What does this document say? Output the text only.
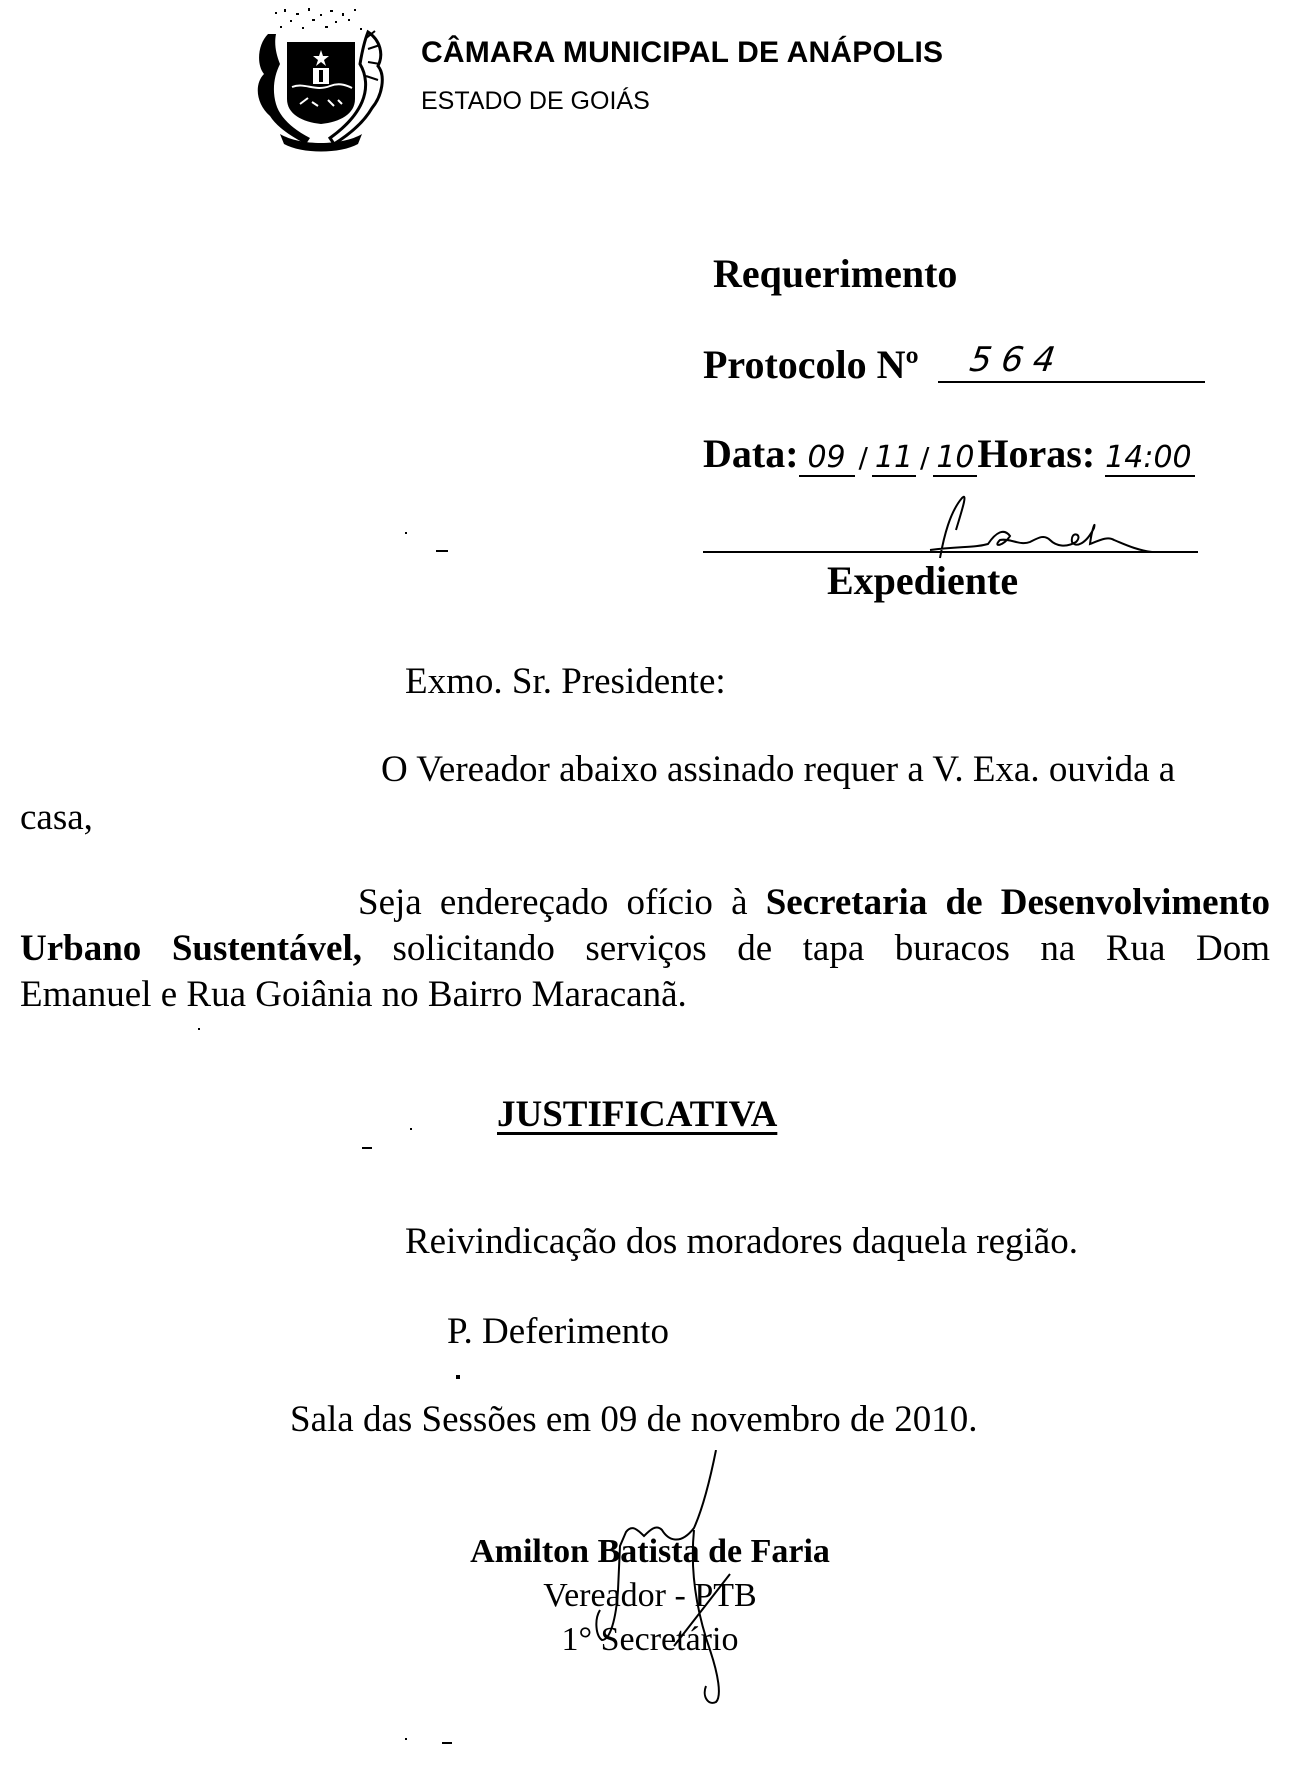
CÂMARA MUNICIPAL DE ANÁPOLIS
ESTADO DE GOIÁS
Requerimento
Protocolo Nº 564
Data: 09 / 11 / 10Horas: 14:00
Expediente
Exmo. Sr. Presidente:
O Vereador abaixo assinado requer a V. Exa. ouvida a
casa,
Seja endereçado ofício à Secretaria de Desenvolvimento
Urbano Sustentável, solicitando serviços de tapa buracos na Rua Dom
Emanuel e Rua Goiânia no Bairro Maracanã.
JUSTIFICATIVA
Reivindicação dos moradores daquela região.
P. Deferimento
Sala das Sessões em 09 de novembro de 2010.
Amilton Batista de Faria
Vereador - PTB
1° Secretário
